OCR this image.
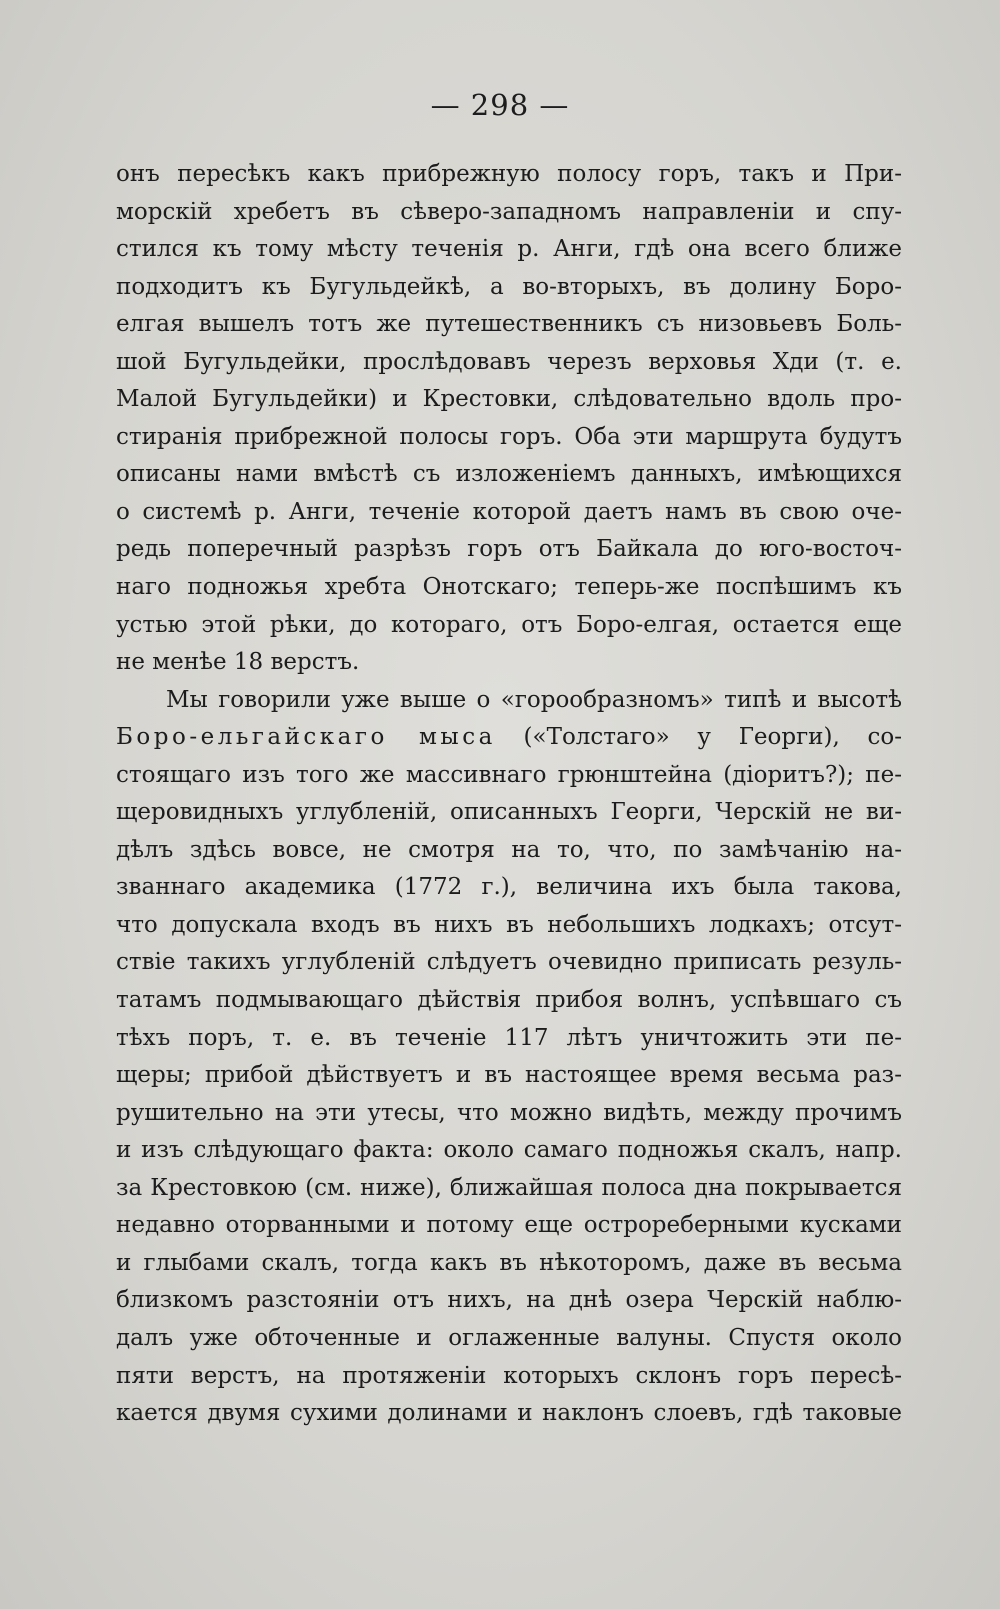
— 298 —
онъ пересѣкъ какъ прибрежную полосу горъ, такъ и При-
морскій хребетъ въ сѣверо-западномъ направленіи и спу-
стился къ тому мѣсту теченія р. Анги, гдѣ она всего ближе
подходитъ къ Бугульдейкѣ, а во-вторыхъ, въ долину Боро-
елгая вышелъ тотъ же путешественникъ съ низовьевъ Боль-
шой Бугульдейки, прослѣдовавъ черезъ верховья Хди (т. е.
Малой Бугульдейки) и Крестовки, слѣдовательно вдоль про-
стиранія прибрежной полосы горъ. Оба эти маршрута будутъ
описаны нами вмѣстѣ съ изложеніемъ данныхъ, имѣющихся
о системѣ р. Анги, теченіе которой даетъ намъ въ свою оче-
редь поперечный разрѣзъ горъ отъ Байкала до юго-восточ-
наго подножья хребта Онотскаго; теперь-же поспѣшимъ къ
устью этой рѣки, до котораго, отъ Боро-елгая, остается еще
не менѣе 18 верстъ.
Мы говорили уже выше о «горообразномъ» типѣ и высотѣ
Боро-ельгайскаго мыса («Толстаго» у Георги), со-
стоящаго изъ того же массивнаго грюнштейна (діоритъ?); пе-
щеровидныхъ углубленій, описанныхъ Георги, Черскій не ви-
дѣлъ здѣсь вовсе, не смотря на то, что, по замѣчанію на-
званнаго академика (1772 г.), величина ихъ была такова,
что допускала входъ въ нихъ въ небольшихъ лодкахъ; отсут-
ствіе такихъ углубленій слѣдуетъ очевидно приписать резуль-
татамъ подмывающаго дѣйствія прибоя волнъ, успѣвшаго съ
тѣхъ поръ, т. е. въ теченіе 117 лѣтъ уничтожить эти пе-
щеры; прибой дѣйствуетъ и въ настоящее время весьма раз-
рушительно на эти утесы, что можно видѣть, между прочимъ
и изъ слѣдующаго факта: около самаго подножья скалъ, напр.
за Крестовкою (см. ниже), ближайшая полоса дна покрывается
недавно оторванными и потому еще острореберными кусками
и глыбами скалъ, тогда какъ въ нѣкоторомъ, даже въ весьма
близкомъ разстояніи отъ нихъ, на днѣ озера Черскій наблю-
далъ уже обточенные и оглаженные валуны. Спустя около
пяти верстъ, на протяженіи которыхъ склонъ горъ пересѣ-
кается двумя сухими долинами и наклонъ слоевъ, гдѣ таковые
